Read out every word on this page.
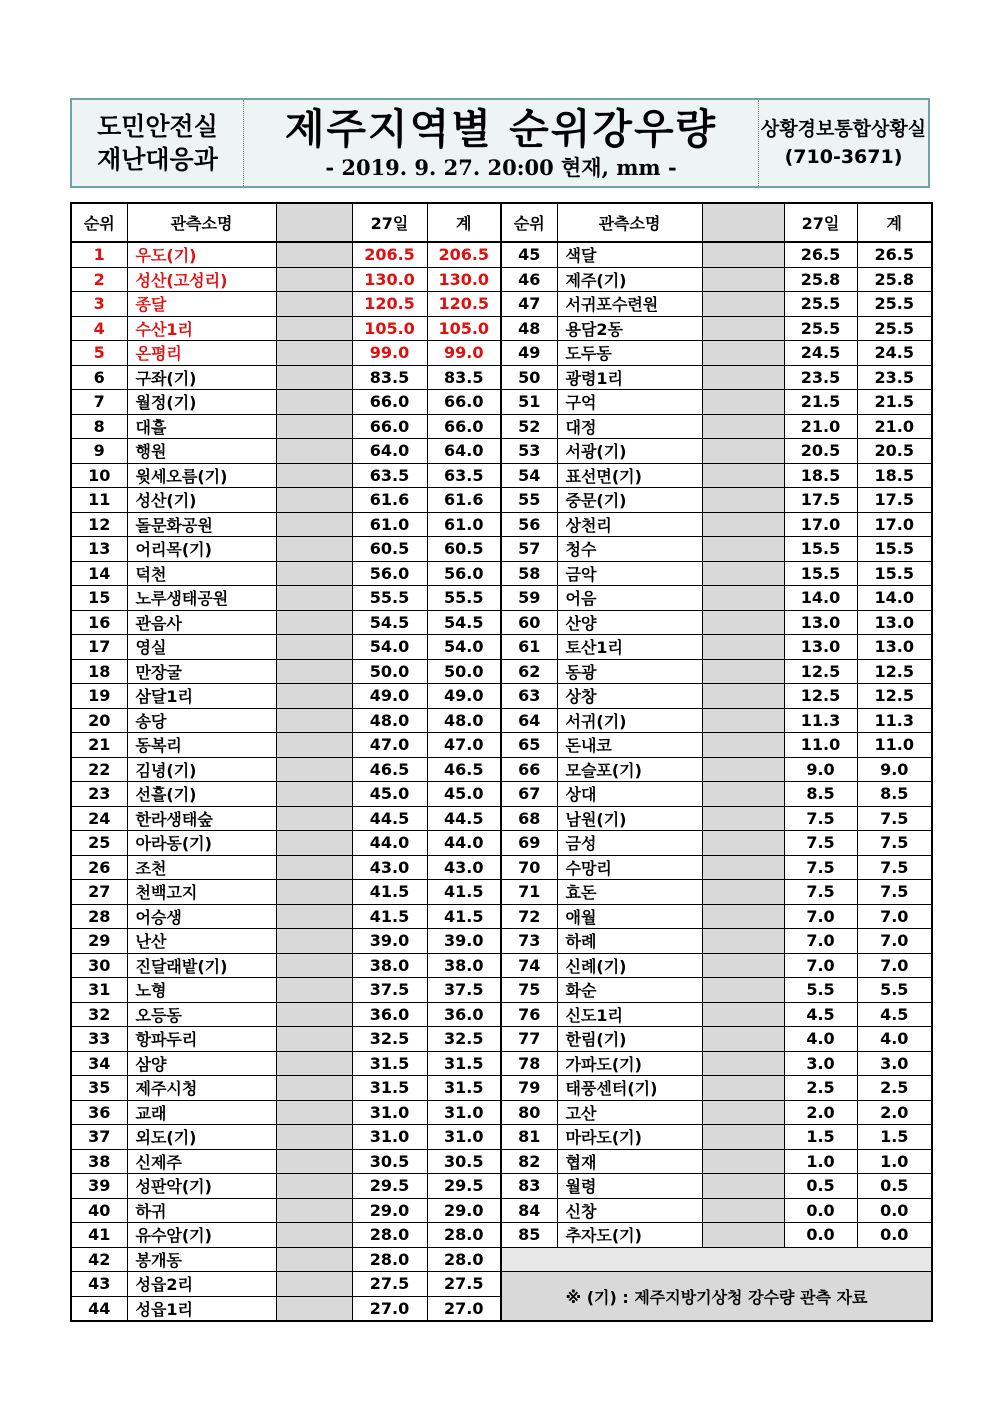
도민안전실
재난대응과
제주지역별 순위강우량
- 2019. 9. 27. 20:00 현재, mm -
상황경보통합상황실
(710-3671)
순위	관측소명		27일	계	순위	관측소명		27일	계
1	우도(기)		206.5	206.5	45	색달		26.5	26.5
2	성산(고성리)		130.0	130.0	46	제주(기)		25.8	25.8
3	종달		120.5	120.5	47	서귀포수련원		25.5	25.5
4	수산1리		105.0	105.0	48	용담2동		25.5	25.5
5	온평리		99.0	99.0	49	도두동		24.5	24.5
6	구좌(기)		83.5	83.5	50	광령1리		23.5	23.5
7	월정(기)		66.0	66.0	51	구억		21.5	21.5
8	대흘		66.0	66.0	52	대정		21.0	21.0
9	행원		64.0	64.0	53	서광(기)		20.5	20.5
10	윗세오름(기)		63.5	63.5	54	표선면(기)		18.5	18.5
11	성산(기)		61.6	61.6	55	중문(기)		17.5	17.5
12	돌문화공원		61.0	61.0	56	상천리		17.0	17.0
13	어리목(기)		60.5	60.5	57	청수		15.5	15.5
14	덕천		56.0	56.0	58	금악		15.5	15.5
15	노루생태공원		55.5	55.5	59	어음		14.0	14.0
16	관음사		54.5	54.5	60	산양		13.0	13.0
17	영실		54.0	54.0	61	토산1리		13.0	13.0
18	만장굴		50.0	50.0	62	동광		12.5	12.5
19	삼달1리		49.0	49.0	63	상창		12.5	12.5
20	송당		48.0	48.0	64	서귀(기)		11.3	11.3
21	동복리		47.0	47.0	65	돈내코		11.0	11.0
22	김녕(기)		46.5	46.5	66	모슬포(기)		9.0	9.0
23	선흘(기)		45.0	45.0	67	상대		8.5	8.5
24	한라생태숲		44.5	44.5	68	남원(기)		7.5	7.5
25	아라동(기)		44.0	44.0	69	금성		7.5	7.5
26	조천		43.0	43.0	70	수망리		7.5	7.5
27	천백고지		41.5	41.5	71	효돈		7.5	7.5
28	어승생		41.5	41.5	72	애월		7.0	7.0
29	난산		39.0	39.0	73	하례		7.0	7.0
30	진달래밭(기)		38.0	38.0	74	신례(기)		7.0	7.0
31	노형		37.5	37.5	75	화순		5.5	5.5
32	오등동		36.0	36.0	76	신도1리		4.5	4.5
33	항파두리		32.5	32.5	77	한림(기)		4.0	4.0
34	삼양		31.5	31.5	78	가파도(기)		3.0	3.0
35	제주시청		31.5	31.5	79	태풍센터(기)		2.5	2.5
36	교래		31.0	31.0	80	고산		2.0	2.0
37	외도(기)		31.0	31.0	81	마라도(기)		1.5	1.5
38	신제주		30.5	30.5	82	협재		1.0	1.0
39	성판악(기)		29.5	29.5	83	월령		0.5	0.5
40	하귀		29.0	29.0	84	신창		0.0	0.0
41	유수암(기)		28.0	28.0	85	추자도(기)		0.0	0.0
42	봉개동		28.0	28.0					
43	성읍2리		27.5	27.5	※ (기) : 제주지방기상청 강수량 관측 자료				
44	성읍1리		27.0	27.0					
